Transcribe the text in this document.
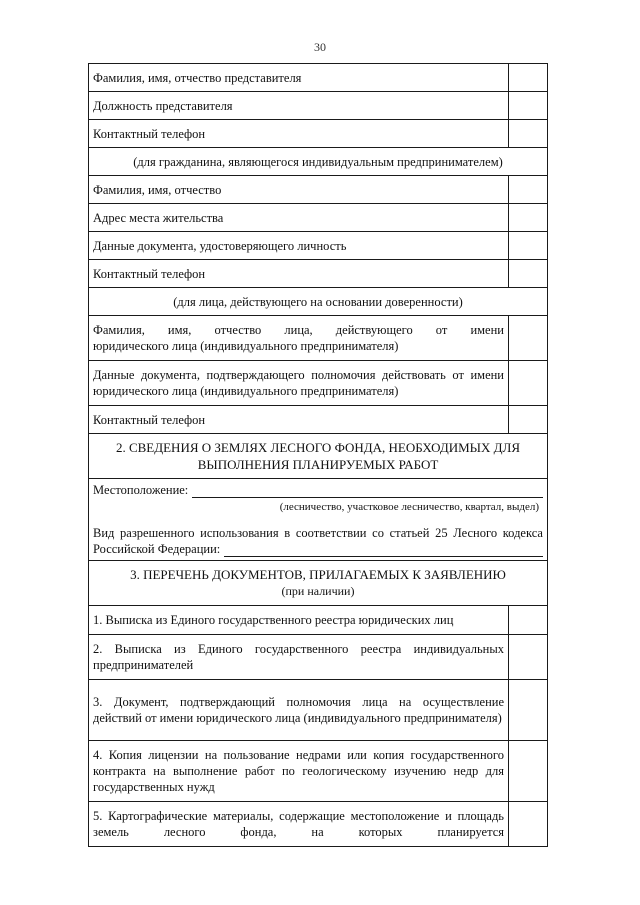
30
Фамилия, имя, отчество представителя	
Должность представителя	
Контактный телефон	
(для гражданина, являющегося индивидуальным предпринимателем)	
Фамилия, имя, отчество	
Адрес места жительства	
Данные документа, удостоверяющего личность	
Контактный телефон	
(для лица, действующего на основании доверенности)	

Фамилия, имя, отчество лица, действующего от имени
юридического лица (индивидуального предпринимателя)	

Данные документа, подтверждающего полномочия действовать от имени юридического лица (индивидуального предпринимателя)	
Контактный телефон	

2. СВЕДЕНИЯ О ЗЕМЛЯХ ЛЕСНОГО ФОНДА, НЕОБХОДИМЫХ ДЛЯ
ВЫПОЛНЕНИЯ ПЛАНИРУЕМЫХ РАБОТ	

Местоположение:
(лесничество, участковое лесничество, квартал, выдел)
Вид разрешенного использования в соответствии со статьей 25 Лесного кодекса
Российской Федерации:	

3. ПЕРЕЧЕНЬ ДОКУМЕНТОВ, ПРИЛАГАЕМЫХ К ЗАЯВЛЕНИЮ
(при наличии)	

1. Выписка из Единого государственного реестра юридических лиц	
2. Выписка из Единого государственного реестра индивидуальных предпринимателей	
3. Документ, подтверждающий полномочия лица на осуществление действий от имени юридического лица (индивидуального предпринимателя)	
4. Копия лицензии на пользование недрами или копия государственного контракта на выполнение работ по геологическому изучению недр для государственных нужд	
5. Картографические материалы, содержащие местоположение и площадь земель лесного фонда, на которых планируется	
